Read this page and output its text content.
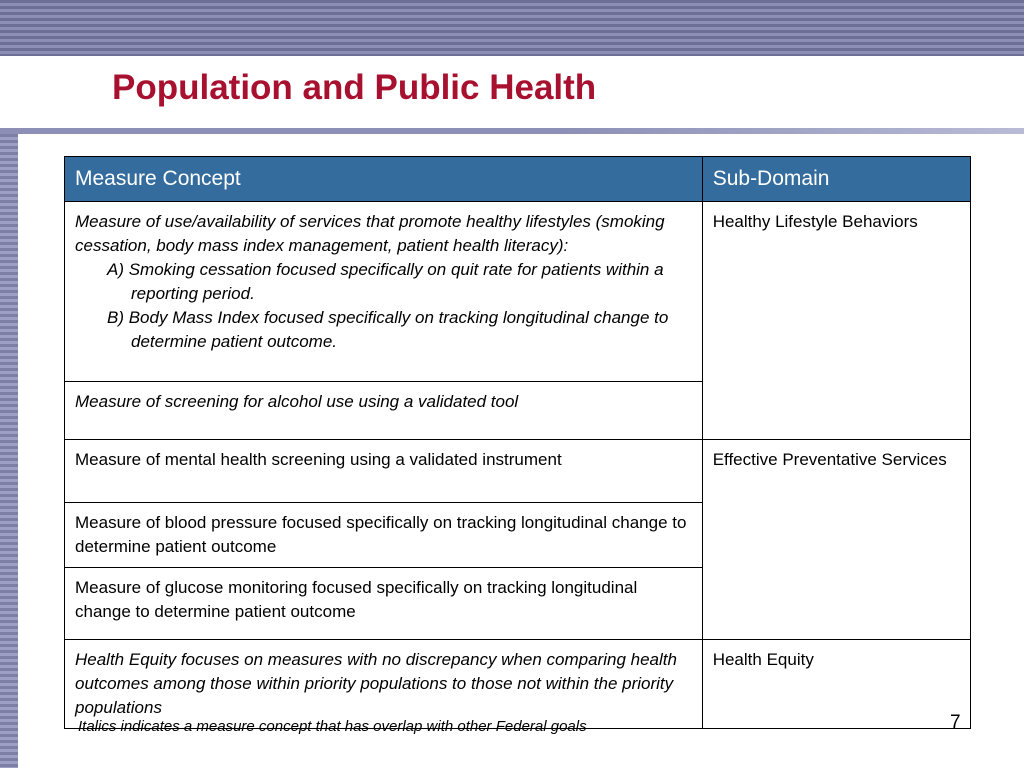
Population and Public Health
Measure Concept	Sub-Domain
Measure of use/availability of services that promote healthy lifestyles (smoking cessation, body mass index management, patient health literacy):
A) Smoking cessation focused specifically on quit rate for patients within a reporting period.
B) Body Mass Index focused specifically on tracking longitudinal change to determine patient outcome.	Healthy Lifestyle Behaviors
Measure of screening for alcohol use using a validated tool	
Measure of mental health screening using a validated instrument	Effective Preventative Services
Measure of blood pressure focused specifically on tracking longitudinal change to determine patient outcome	
Measure of glucose monitoring focused specifically on tracking longitudinal change to determine patient outcome	
Health Equity focuses on measures with no discrepancy when comparing health outcomes among those within priority populations to those not within the priority populations	Health Equity

Italics indicates a measure concept that has overlap with other Federal goals	7
